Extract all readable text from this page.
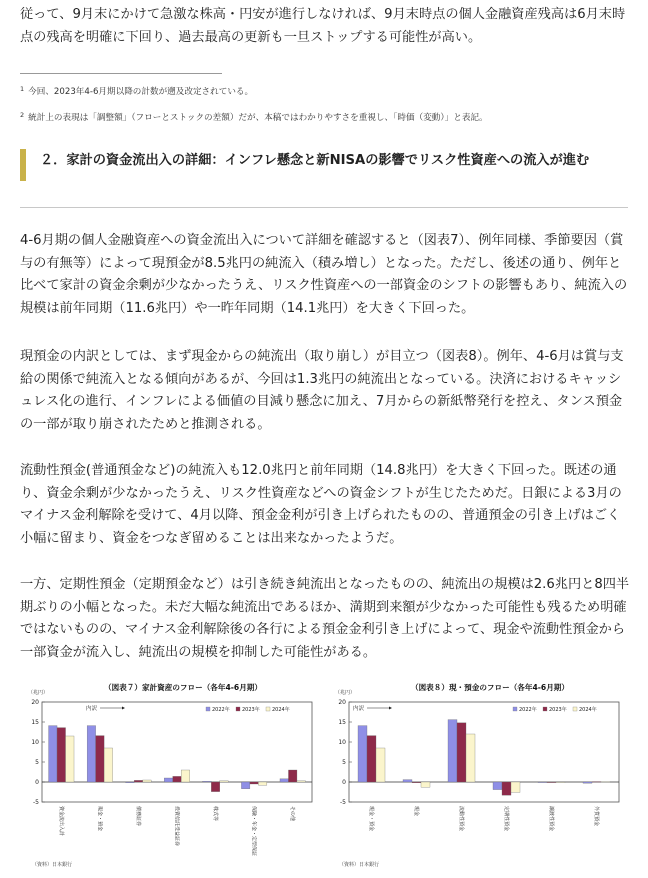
従って、9月末にかけて急激な株高・円安が進行しなければ、9月末時点の個人金融資産残高は6月末時点の残高を明確に下回り、過去最高の更新も一旦ストップする可能性が高い。

$^1$ 今回、2023年4-6月期以降の計数が遡及改定されている。
$^2$ 統計上の表現は「調整額」（フローとストックの差額）だが、本稿ではわかりやすさを重視し、「時価（変動）」と表記。
２．家計の資金流出入の詳細：インフレ懸念と新NISAの影響でリスク性資産への流入が進む

4-6月期の個人金融資産への資金流出入について詳細を確認すると（図表7）、例年同様、季節要因（賞与の有無等）によって現預金が8.5兆円の純流入（積み増し）となった。ただし、後述の通り、例年と比べて家計の資金余剰が少なかったうえ、リスク性資産への一部資金のシフトの影響もあり、純流入の規模は前年同期（11.6兆円）や一昨年同期（14.1兆円）を大きく下回った。

現預金の内訳としては、まず現金からの純流出（取り崩し）が目立つ（図表8）。例年、4-6月は賞与支給の関係で純流入となる傾向があるが、今回は1.3兆円の純流出となっている。決済におけるキャッシュレス化の進行、インフレによる価値の目減り懸念に加え、7月からの新紙幣発行を控え、タンス預金の一部が取り崩されたためと推測される。

流動性預金(普通預金など)の純流入も12.0兆円と前年同期（14.8兆円）を大きく下回った。既述の通り、資金余剰が少なかったうえ、リスク性資産などへの資金シフトが生じたためだ。日銀による3月のマイナス金利解除を受けて、4月以降、預金金利が引き上げられたものの、普通預金の引き上げはごく小幅に留まり、資金をつなぎ留めることは出来なかったようだ。

一方、定期性預金（定期預金など）は引き続き純流出となったものの、純流出の規模は2.6兆円と8四半期ぶりの小幅となった。未だ大幅な純流出であるほか、満期到来額が少なかった可能性も残るため明確ではないものの、マイナス金利解除後の各行による預金金利引き上げによって、現金や流動性預金から一部資金が流入し、純流出の規模を抑制した可能性がある。

（図表７）家計資産のフロー（各年4-6月期）
（兆円）
-5
0
5
10
15
20
内訳	2022年 2023年 2024年
資金流出入計	現金・預金	債務証券	投資信託受益証券	株式等	保険・年金・定型保証	その他
（資料）日本銀行
（図表８）現・預金のフロー（各年4-6月期）
（兆円）
-5
0
5
10
15
20
内訳	2022年 2023年 2024年
現金・預金	現金	流動性預金	定期性預金	譲渡性預金	外貨預金
（資料）日本銀行
